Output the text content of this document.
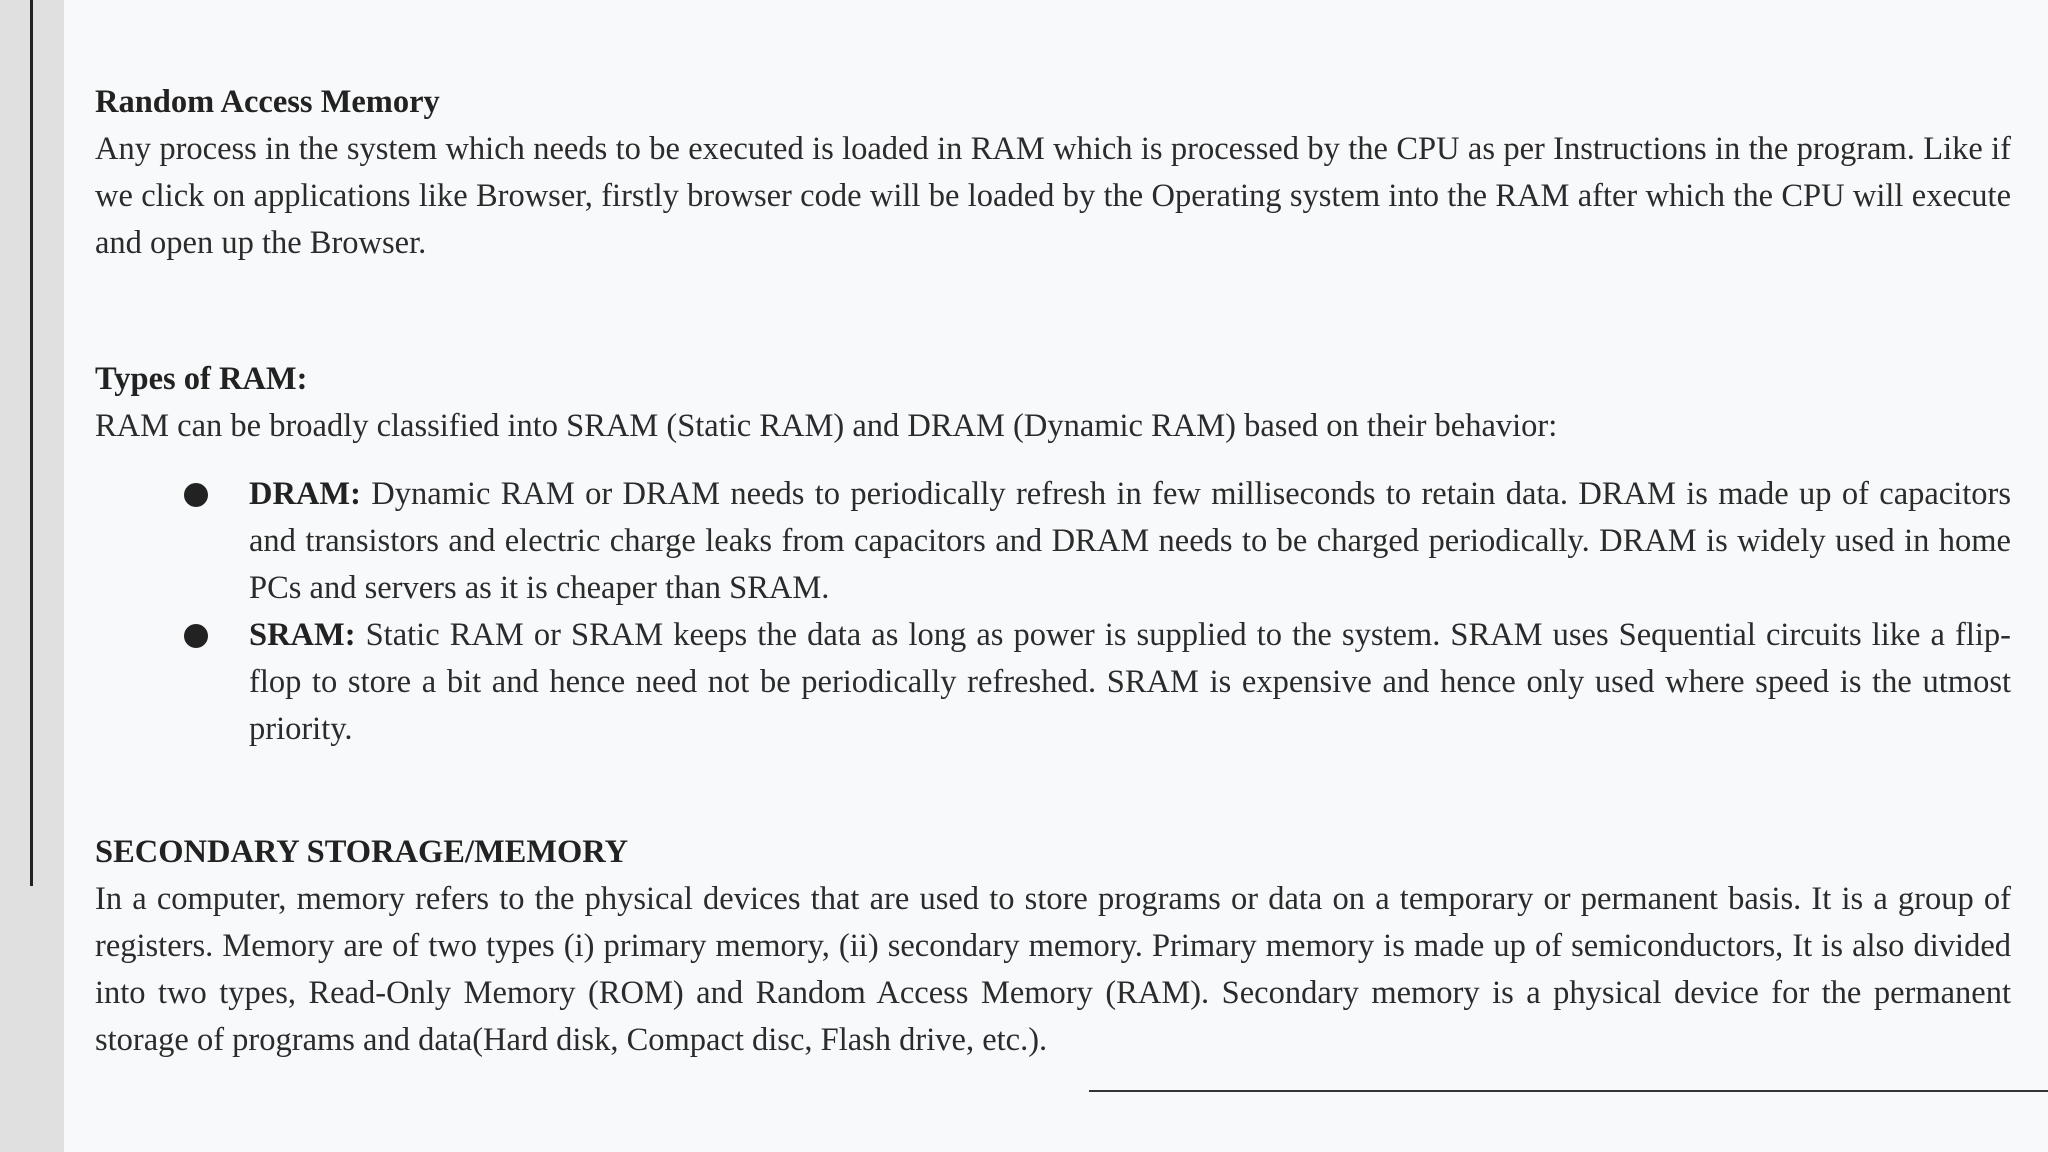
Random Access Memory

Any process in the system which needs to be executed is loaded in RAM which is processed by the CPU as per Instructions in the program. Like if we click on applications like Browser, firstly browser code will be loaded by the Operating system into the RAM after which the CPU will execute and open up the Browser.

Types of RAM:

RAM can be broadly classified into SRAM (Static RAM) and DRAM (Dynamic RAM) based on their behavior:

DRAM: Dynamic RAM or DRAM needs to periodically refresh in few milliseconds to retain data. DRAM is made up of capacitors and transistors and electric charge leaks from capacitors and DRAM needs to be charged periodically. DRAM is widely used in home PCs and servers as it is cheaper than SRAM.
SRAM: Static RAM or SRAM keeps the data as long as power is supplied to the system. SRAM uses Sequential circuits like a flip-flop to store a bit and hence need not be periodically refreshed. SRAM is expensive and hence only used where speed is the utmost priority.

SECONDARY STORAGE/MEMORY

In a computer, memory refers to the physical devices that are used to store programs or data on a temporary or permanent basis. It is a group of registers. Memory are of two types (i) primary memory, (ii) secondary memory. Primary memory is made up of semiconductors, It is also divided into two types, Read-Only Memory (ROM) and Random Access Memory (RAM). Secondary memory is a physical device for the permanent storage of programs and data(Hard disk, Compact disc, Flash drive, etc.).
